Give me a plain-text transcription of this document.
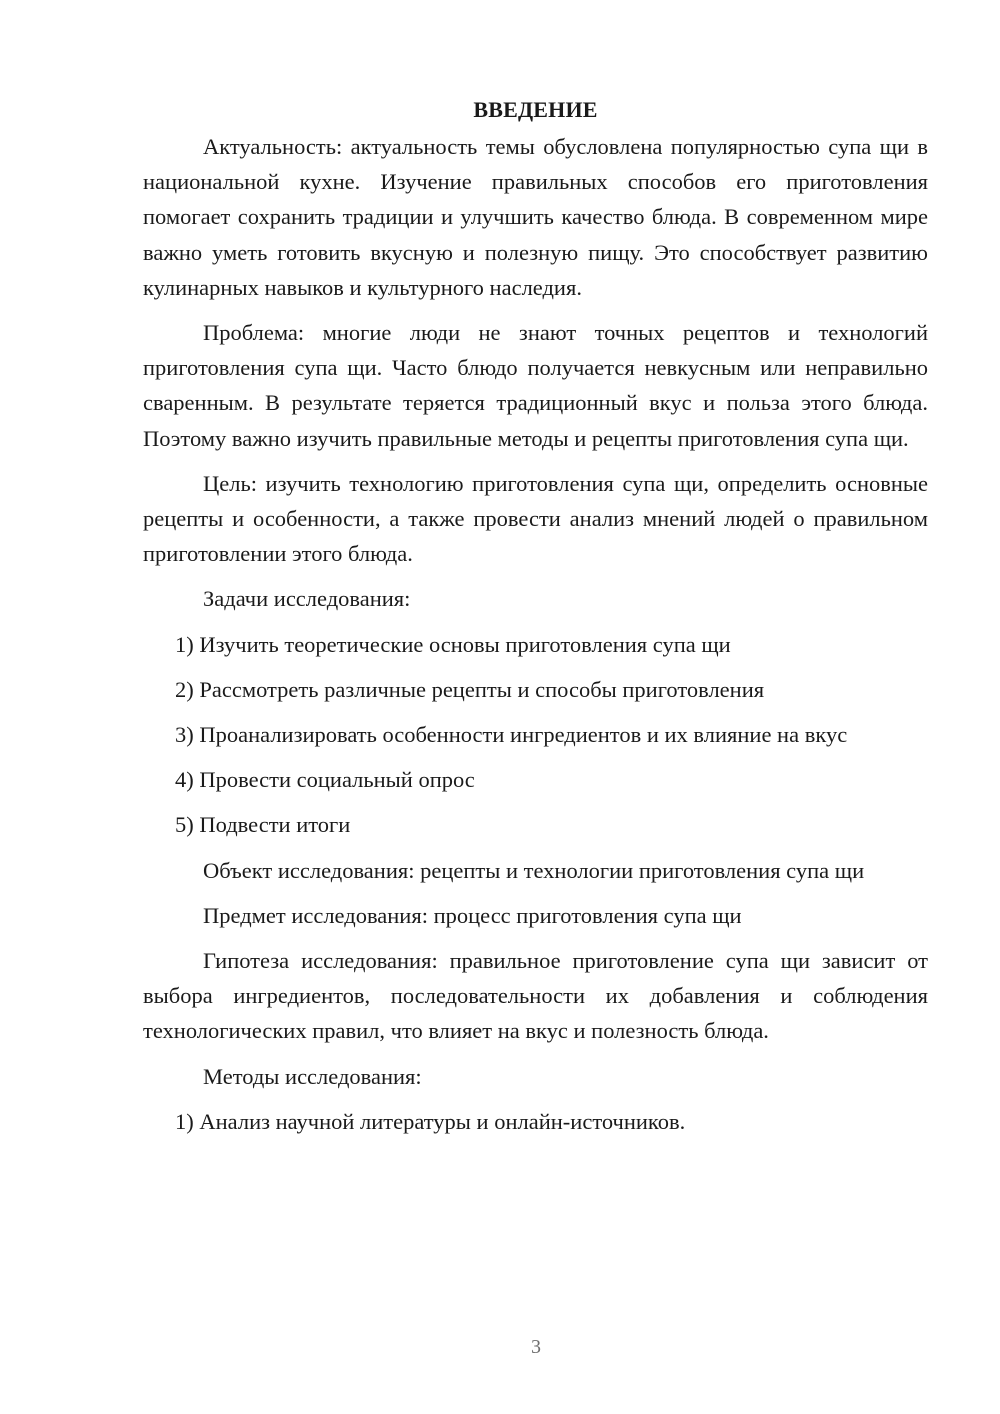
ВВЕДЕНИЕ

Актуальность: актуальность темы обусловлена популярностью супа щи в национальной кухне. Изучение правильных способов его приготовления помогает сохранить традиции и улучшить качество блюда. В современном мире важно уметь готовить вкусную и полезную пищу. Это способствует развитию кулинарных навыков и культурного наследия.

Проблема: многие люди не знают точных рецептов и технологий приготовления супа щи. Часто блюдо получается невкусным или неправильно сваренным. В результате теряется традиционный вкус и польза этого блюда. Поэтому важно изучить правильные методы и рецепты приготовления супа щи.

Цель: изучить технологию приготовления супа щи, определить основные рецепты и особенности, а также провести анализ мнений людей о правильном приготовлении этого блюда.

Задачи исследования:

1) Изучить теоретические основы приготовления супа щи

2) Рассмотреть различные рецепты и способы приготовления

3) Проанализировать особенности ингредиентов и их влияние на вкус

4) Провести социальный опрос

5) Подвести итоги

Объект исследования: рецепты и технологии приготовления супа щи

Предмет исследования: процесс приготовления супа щи

Гипотеза исследования: правильное приготовление супа щи зависит от выбора ингредиентов, последовательности их добавления и соблюдения технологических правил, что влияет на вкус и полезность блюда.

Методы исследования:

1) Анализ научной литературы и онлайн-источников.

3
